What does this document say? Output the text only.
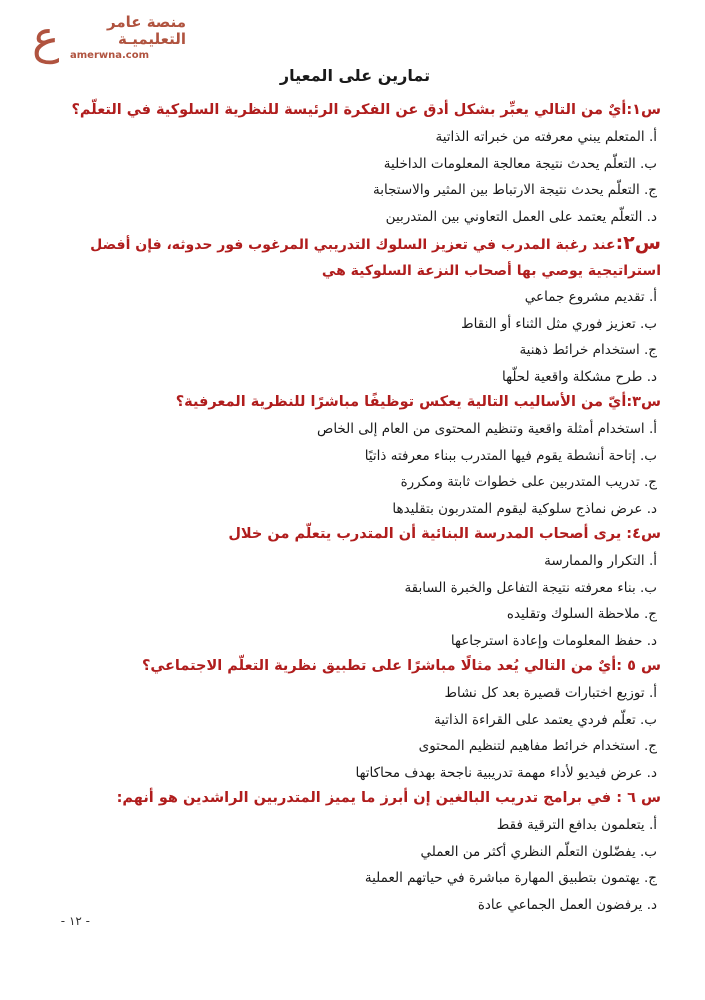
ع	منصة عامر
التعليميـة
amerwna.com
تمارين على المعيار

س١:أيٌ من التالي يعبِّر بشكل أدق عن الفكرة الرئيسة للنظرية السلوكية في التعلّم؟

أ. المتعلم يبني معرفته من خبراته الذاتية

ب. التعلّم يحدث نتيجة معالجة المعلومات الداخلية

ج. التعلّم يحدث نتيجة الارتباط بين المثير والاستجابة

د. التعلّم يعتمد على العمل التعاوني بين المتدربين

س٢:عند رغبة المدرب في تعزيز السلوك التدريبي المرغوب فور حدوثه، فإن أفضل استراتيجية يوصي بها أصحاب النزعة السلوكية هي

أ. تقديم مشروع جماعي

ب. تعزيز فوري مثل الثناء أو النقاط

ج. استخدام خرائط ذهنية

د. طرح مشكلة واقعية لحلّها

س٣:أيّ من الأساليب التالية يعكس توظيفًا مباشرًا للنظرية المعرفية؟

أ. استخدام أمثلة واقعية وتنظيم المحتوى من العام إلى الخاص

ب. إتاحة أنشطة يقوم فيها المتدرب ببناء معرفته ذاتيًا

ج. تدريب المتدربين على خطوات ثابتة ومكررة

د. عرض نماذج سلوكية ليقوم المتدربون بتقليدها

س٤: يرى أصحاب المدرسة البنائية أن المتدرب يتعلّم من خلال

أ. التكرار والممارسة

ب. بناء معرفته نتيجة التفاعل والخبرة السابقة

ج. ملاحظة السلوك وتقليده

د. حفظ المعلومات وإعادة استرجاعها

س ٥ :أيٌ من التالي يُعد مثالًا مباشرًا على تطبيق نظرية التعلّم الاجتماعي؟

أ. توزيع اختبارات قصيرة بعد كل نشاط

ب. تعلّم فردي يعتمد على القراءة الذاتية

ج. استخدام خرائط مفاهيم لتنظيم المحتوى

د. عرض فيديو لأداء مهمة تدريبية ناجحة بهدف محاكاتها

س ٦ : في برامج تدريب البالغين إن أبرز ما يميز المتدربين الراشدين هو أنهم:

أ. يتعلمون بدافع الترقية فقط

ب. يفضّلون التعلّم النظري أكثر من العملي

ج. يهتمون بتطبيق المهارة مباشرة في حياتهم العملية

د. يرفضون العمل الجماعي عادة

- ١٢ -
